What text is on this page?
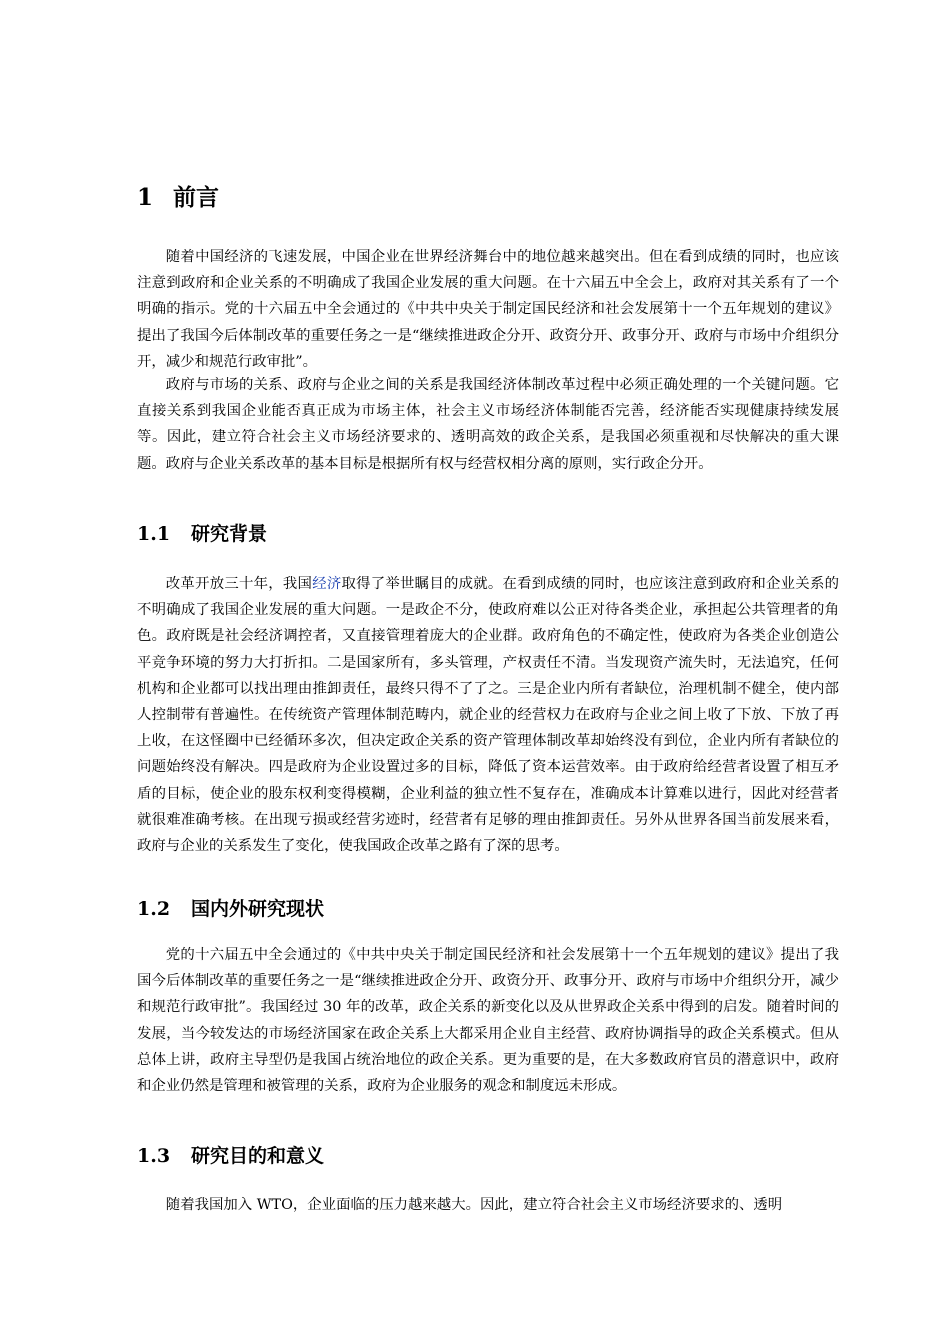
1 前言

随着中国经济的飞速发展，中国企业在世界经济舞台中的地位越来越突出。但在看到成绩的同时，也应该注意到政府和企业关系的不明确成了我国企业发展的重大问题。在十六届五中全会上，政府对其关系有了一个明确的指示。党的十六届五中全会通过的《中共中央关于制定国民经济和社会发展第十一个五年规划的建议》提出了我国今后体制改革的重要任务之一是“继续推进政企分开、政资分开、政事分开、政府与市场中介组织分开，减少和规范行政审批”。

政府与市场的关系、政府与企业之间的关系是我国经济体制改革过程中必须正确处理的一个关键问题。它直接关系到我国企业能否真正成为市场主体，社会主义市场经济体制能否完善，经济能否实现健康持续发展等。因此，建立符合社会主义市场经济要求的、透明高效的政企关系，是我国必须重视和尽快解决的重大课题。政府与企业关系改革的基本目标是根据所有权与经营权相分离的原则，实行政企分开。

1.1 研究背景

改革开放三十年，我国经济取得了举世瞩目的成就。在看到成绩的同时，也应该注意到政府和企业关系的不明确成了我国企业发展的重大问题。一是政企不分，使政府难以公正对待各类企业，承担起公共管理者的角色。政府既是社会经济调控者，又直接管理着庞大的企业群。政府角色的不确定性，使政府为各类企业创造公平竞争环境的努力大打折扣。二是国家所有，多头管理，产权责任不清。当发现资产流失时，无法追究，任何机构和企业都可以找出理由推卸责任，最终只得不了了之。三是企业内所有者缺位，治理机制不健全，使内部人控制带有普遍性。在传统资产管理体制范畴内，就企业的经营权力在政府与企业之间上收了下放、下放了再上收，在这怪圈中已经循环多次，但决定政企关系的资产管理体制改革却始终没有到位，企业内所有者缺位的问题始终没有解决。四是政府为企业设置过多的目标，降低了资本运营效率。由于政府给经营者设置了相互矛盾的目标，使企业的股东权利变得模糊，企业利益的独立性不复存在，准确成本计算难以进行，因此对经营者就很难准确考核。在出现亏损或经营劣迹时，经营者有足够的理由推卸责任。另外从世界各国当前发展来看，政府与企业的关系发生了变化，使我国政企改革之路有了深的思考。

1.2 国内外研究现状

党的十六届五中全会通过的《中共中央关于制定国民经济和社会发展第十一个五年规划的建议》提出了我国今后体制改革的重要任务之一是“继续推进政企分开、政资分开、政事分开、政府与市场中介组织分开，减少和规范行政审批”。我国经过 30 年的改革，政企关系的新变化以及从世界政企关系中得到的启发。随着时间的发展，当今较发达的市场经济国家在政企关系上大都采用企业自主经营、政府协调指导的政企关系模式。但从总体上讲，政府主导型仍是我国占统治地位的政企关系。更为重要的是，在大多数政府官员的潜意识中，政府和企业仍然是管理和被管理的关系，政府为企业服务的观念和制度远未形成。

1.3 研究目的和意义

随着我国加入 WTO，企业面临的压力越来越大。因此，建立符合社会主义市场经济要求的、透明
